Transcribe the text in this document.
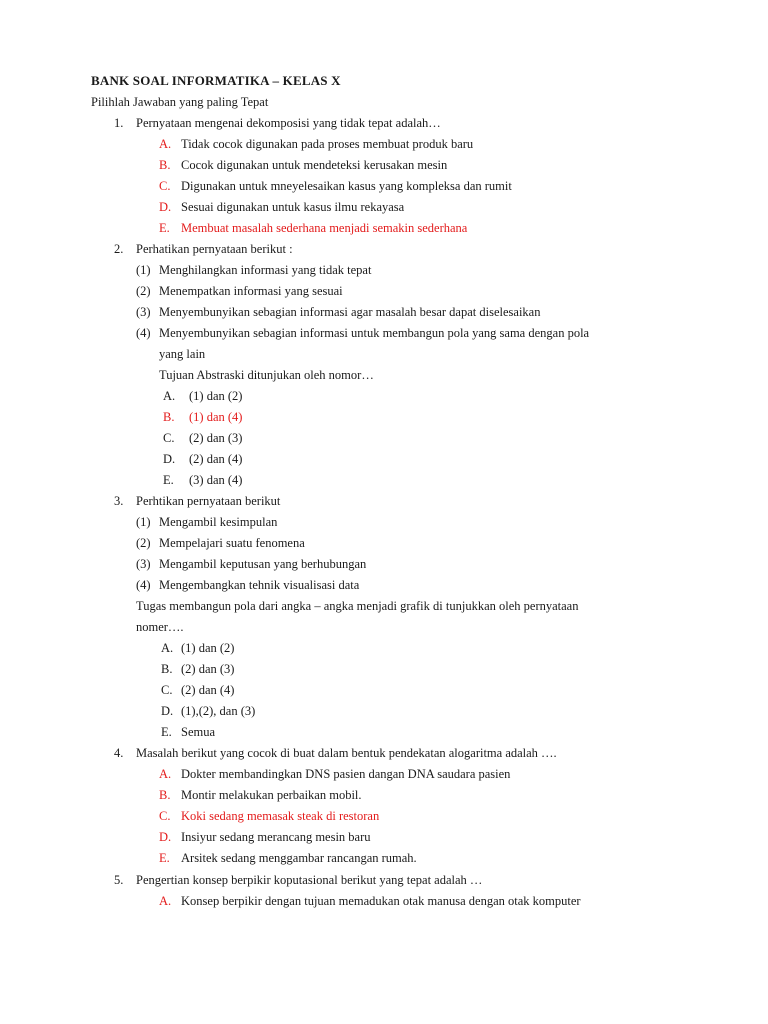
BANK SOAL INFORMATIKA – KELAS X
Pilihlah Jawaban yang paling Tepat
1. Pernyataan mengenai dekomposisi yang tidak tepat adalah…
A. Tidak cocok digunakan pada proses membuat produk baru
B. Cocok digunakan untuk mendeteksi kerusakan mesin
C. Digunakan untuk mneyelesaikan kasus yang kompleksa dan rumit
D. Sesuai digunakan untuk kasus ilmu rekayasa
E. Membuat masalah sederhana menjadi semakin sederhana
2. Perhatikan pernyataan berikut :
(1) Menghilangkan informasi yang tidak tepat
(2) Menempatkan informasi yang sesuai
(3) Menyembunyikan sebagian informasi agar masalah besar dapat diselesaikan
(4) Menyembunyikan sebagian informasi untuk membangun pola yang sama dengan pola
yang lain
Tujuan Abstraski ditunjukan oleh nomor…
A. (1) dan (2)
B. (1) dan (4)
C. (2) dan (3)
D. (2) dan (4)
E. (3) dan (4)
3. Perhtikan pernyataan berikut
(1) Mengambil kesimpulan
(2) Mempelajari suatu fenomena
(3) Mengambil keputusan yang berhubungan
(4) Mengembangkan tehnik visualisasi data
Tugas membangun pola dari angka – angka menjadi grafik di tunjukkan oleh pernyataan
nomer….
A. (1) dan (2)
B. (2) dan (3)
C. (2) dan (4)
D. (1),(2), dan (3)
E. Semua
4. Masalah berikut yang cocok di buat dalam bentuk pendekatan alogaritma adalah ….
A. Dokter membandingkan DNS pasien dangan DNA saudara pasien
B. Montir melakukan perbaikan mobil.
C. Koki sedang memasak steak di restoran
D. Insiyur sedang merancang mesin baru
E. Arsitek sedang menggambar rancangan rumah.
5. Pengertian konsep berpikir koputasional berikut yang tepat adalah …
A. Konsep berpikir dengan tujuan memadukan otak manusa dengan otak komputer
